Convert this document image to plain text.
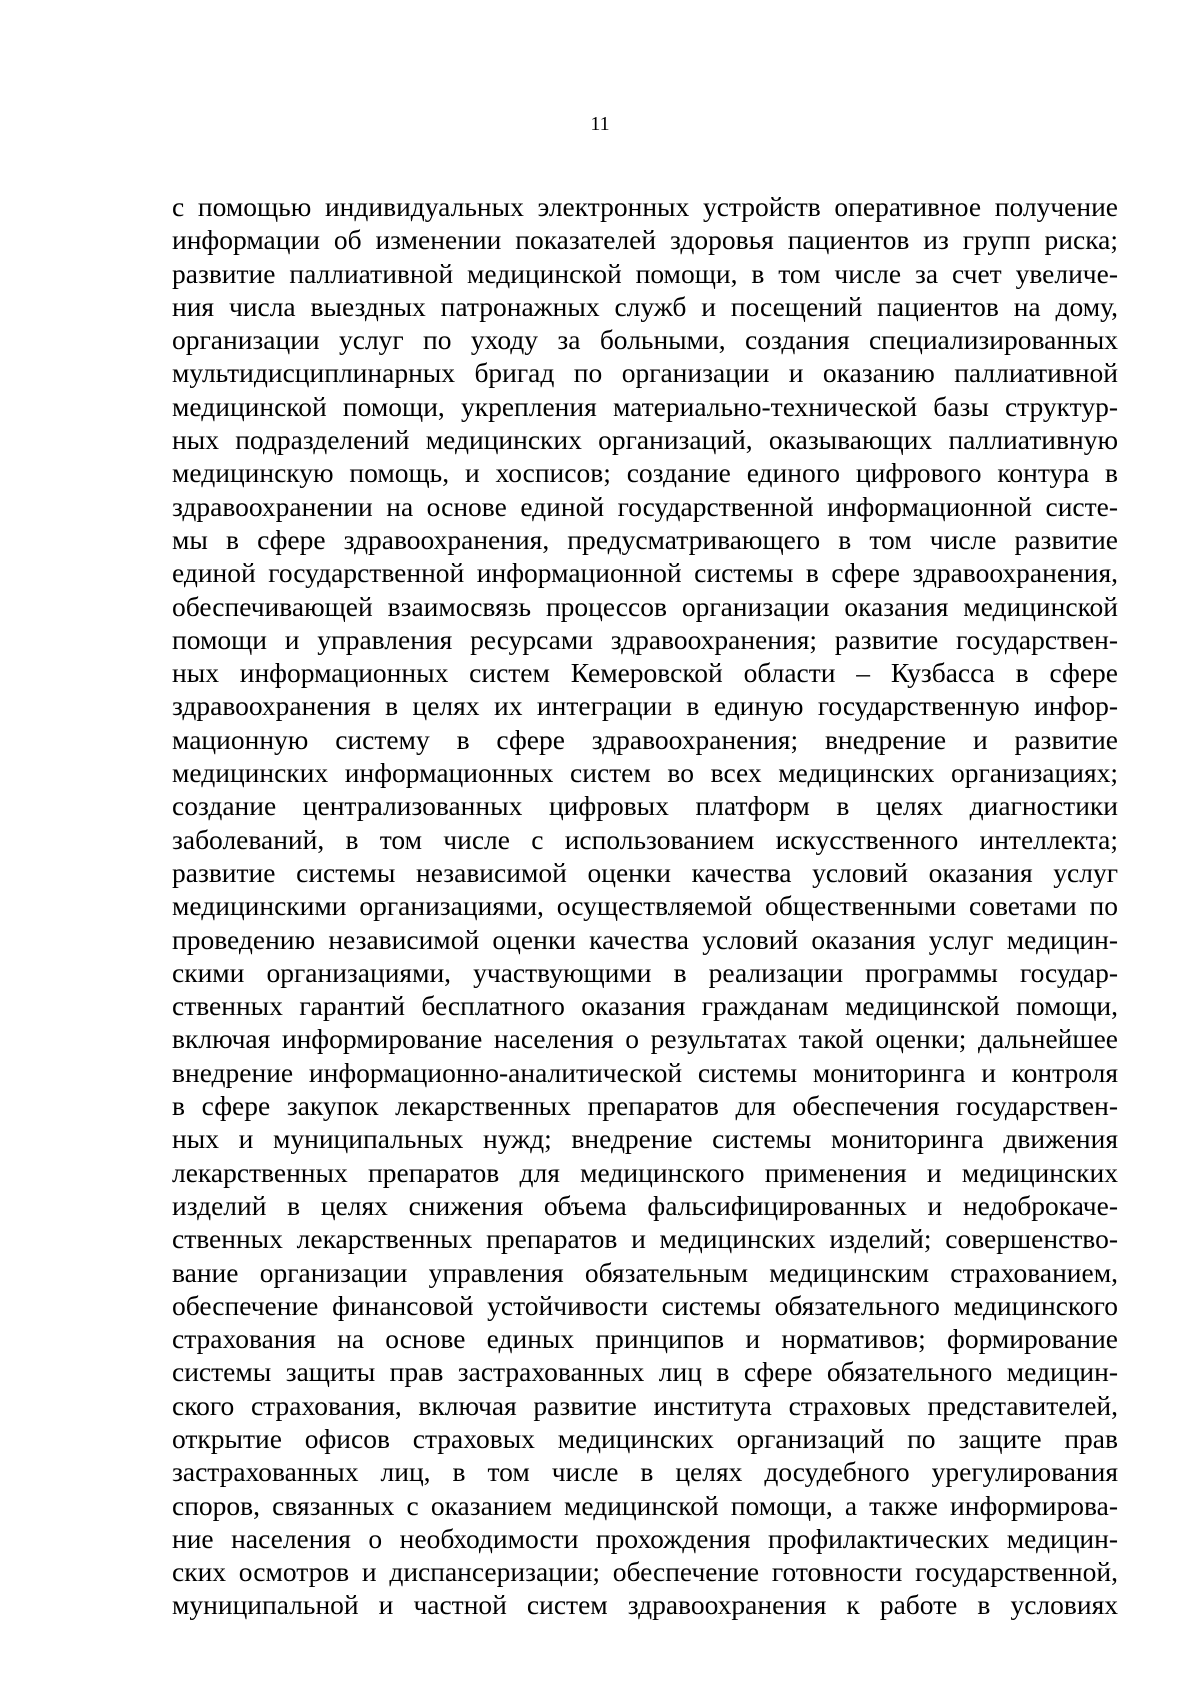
11
с помощью индивидуальных электронных устройств оперативное получение
информации об изменении показателей здоровья пациентов из групп риска;
развитие паллиативной медицинской помощи, в том числе за счет увеличе-
ния числа выездных патронажных служб и посещений пациентов на дому,
организации услуг по уходу за больными, создания специализированных
мультидисциплинарных бригад по организации и оказанию паллиативной
медицинской помощи, укрепления материально-технической базы структур-
ных подразделений медицинских организаций, оказывающих паллиативную
медицинскую помощь, и хосписов; создание единого цифрового контура в
здравоохранении на основе единой государственной информационной систе-
мы в сфере здравоохранения, предусматривающего в том числе развитие
единой государственной информационной системы в сфере здравоохранения,
обеспечивающей взаимосвязь процессов организации оказания медицинской
помощи и управления ресурсами здравоохранения; развитие государствен-
ных информационных систем Кемеровской области – Кузбасса в сфере
здравоохранения в целях их интеграции в единую государственную инфор-
мационную систему в сфере здравоохранения; внедрение и развитие
медицинских информационных систем во всех медицинских организациях;
создание централизованных цифровых платформ в целях диагностики
заболеваний, в том числе с использованием искусственного интеллекта;
развитие системы независимой оценки качества условий оказания услуг
медицинскими организациями, осуществляемой общественными советами по
проведению независимой оценки качества условий оказания услуг медицин-
скими организациями, участвующими в реализации программы государ-
ственных гарантий бесплатного оказания гражданам медицинской помощи,
включая информирование населения о результатах такой оценки; дальнейшее
внедрение информационно-аналитической системы мониторинга и контроля
в сфере закупок лекарственных препаратов для обеспечения государствен-
ных и муниципальных нужд; внедрение системы мониторинга движения
лекарственных препаратов для медицинского применения и медицинских
изделий в целях снижения объема фальсифицированных и недоброкаче-
ственных лекарственных препаратов и медицинских изделий; совершенство-
вание организации управления обязательным медицинским страхованием,
обеспечение финансовой устойчивости системы обязательного медицинского
страхования на основе единых принципов и нормативов; формирование
системы защиты прав застрахованных лиц в сфере обязательного медицин-
ского страхования, включая развитие института страховых представителей,
открытие офисов страховых медицинских организаций по защите прав
застрахованных лиц, в том числе в целях досудебного урегулирования
споров, связанных с оказанием медицинской помощи, а также информирова-
ние населения о необходимости прохождения профилактических медицин-
ских осмотров и диспансеризации; обеспечение готовности государственной,
муниципальной и частной систем здравоохранения к работе в условиях
